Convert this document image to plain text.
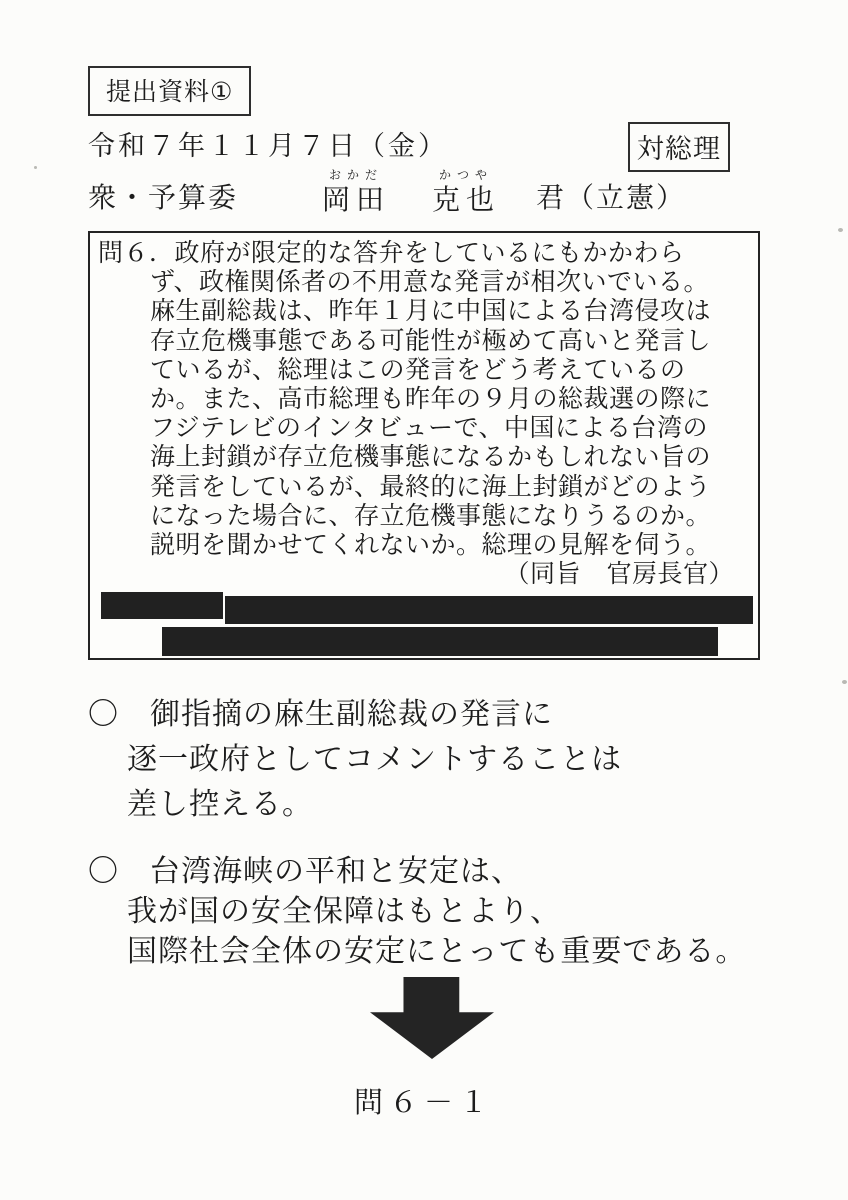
提出資料①
令和７年１１月７日（金）	対総理
衆・予算委	岡田おかだ
克也かつや
君（立憲）
問６．政府が限定的な答弁をしているにもかかわら
ず、政権関係者の不用意な発言が相次いでいる。
麻生副総裁は、昨年１月に中国による台湾侵攻は
存立危機事態である可能性が極めて高いと発言し
ているが、総理はこの発言をどう考えているの
か。また、高市総理も昨年の９月の総裁選の際に
フジテレビのインタビューで、中国による台湾の
海上封鎖が存立危機事態になるかもしれない旨の
発言をしているが、最終的に海上封鎖がどのよう
になった場合に、存立危機事態になりうるのか。
説明を聞かせてくれないか。総理の見解を伺う。
（同旨　官房長官）
〇	御指摘の麻生副総裁の発言に
逐一政府としてコメントすることは
差し控える。
〇	台湾海峡の平和と安定は、
我が国の安全保障はもとより、
国際社会全体の安定にとっても重要である。
問６－１
